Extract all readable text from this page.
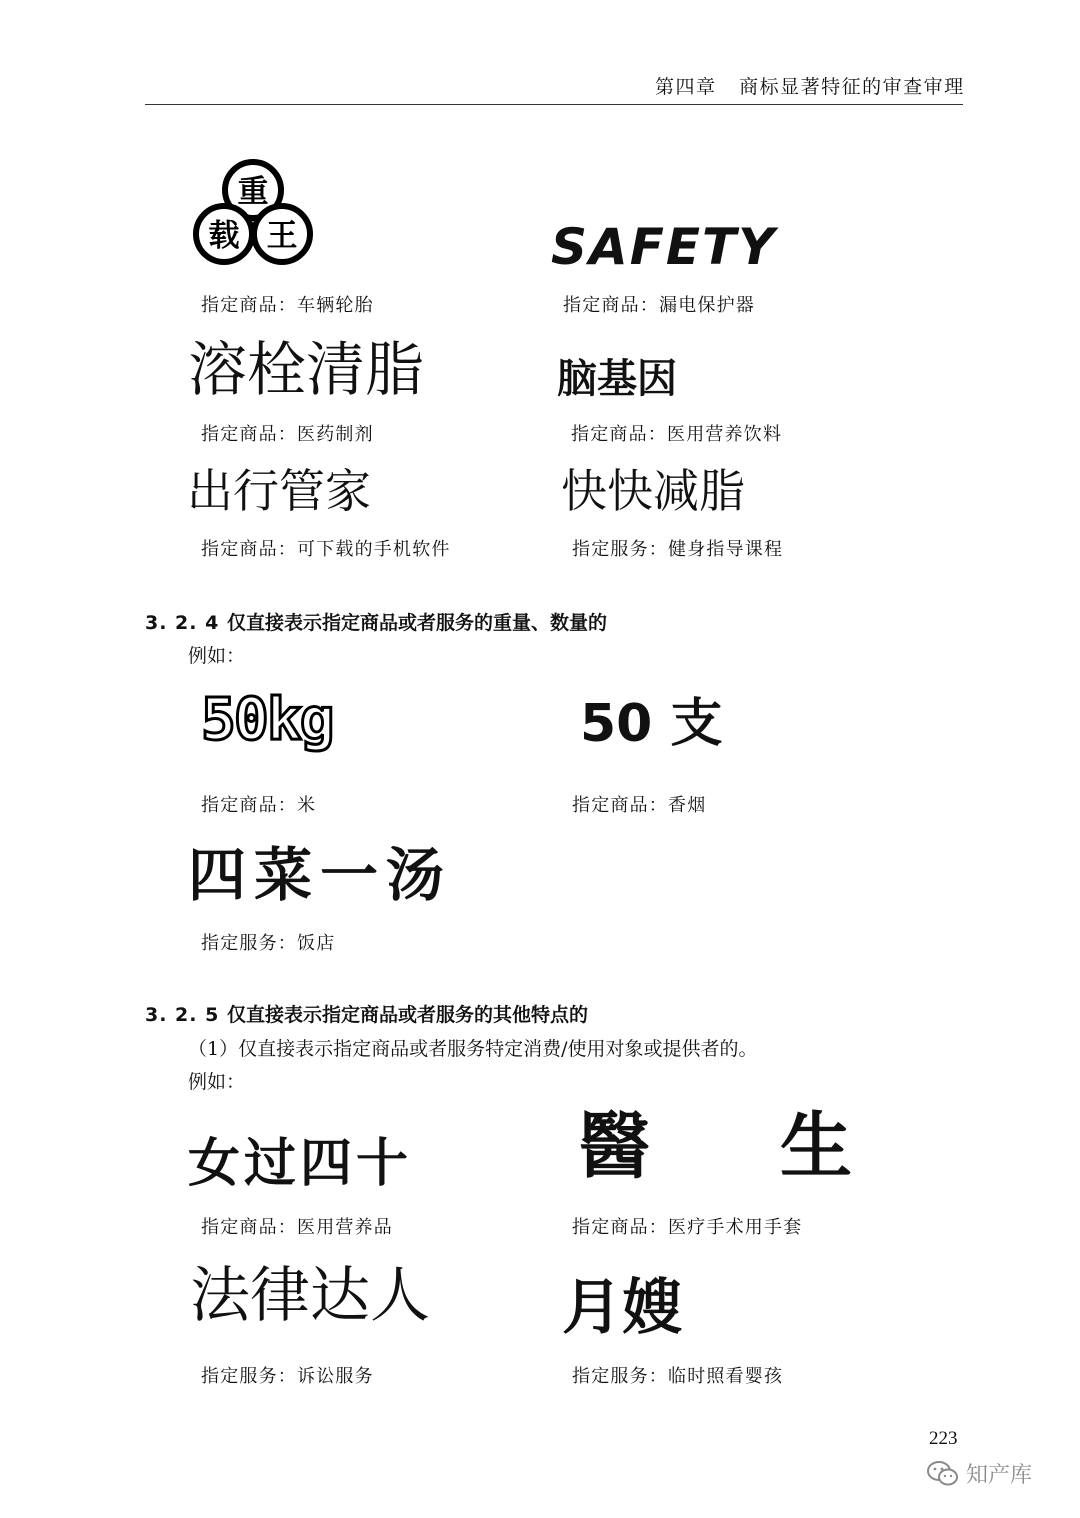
第四章 商标显著特征的审查审理
重
载 王
指定商品：车辆轮胎
SAFETY
指定商品：漏电保护器
溶栓清脂
指定商品：医药制剂
脑基因
指定商品：医用营养饮料
出行管家
指定商品：可下载的手机软件
快快减脂
指定服务：健身指导课程
3. 2. 4 仅直接表示指定商品或者服务的重量、数量的
例如：
50kg
指定商品：米
50 支
指定商品：香烟
四菜一汤
指定服务：饭店
3. 2. 5 仅直接表示指定商品或者服务的其他特点的
（1）仅直接表示指定商品或者服务特定消费/使用对象或提供者的。
例如：
女过四十
指定商品：医用营养品
醫 生
指定商品：医疗手术用手套
法律达人
指定服务：诉讼服务
月嫂
指定服务：临时照看婴孩
223
知产库
